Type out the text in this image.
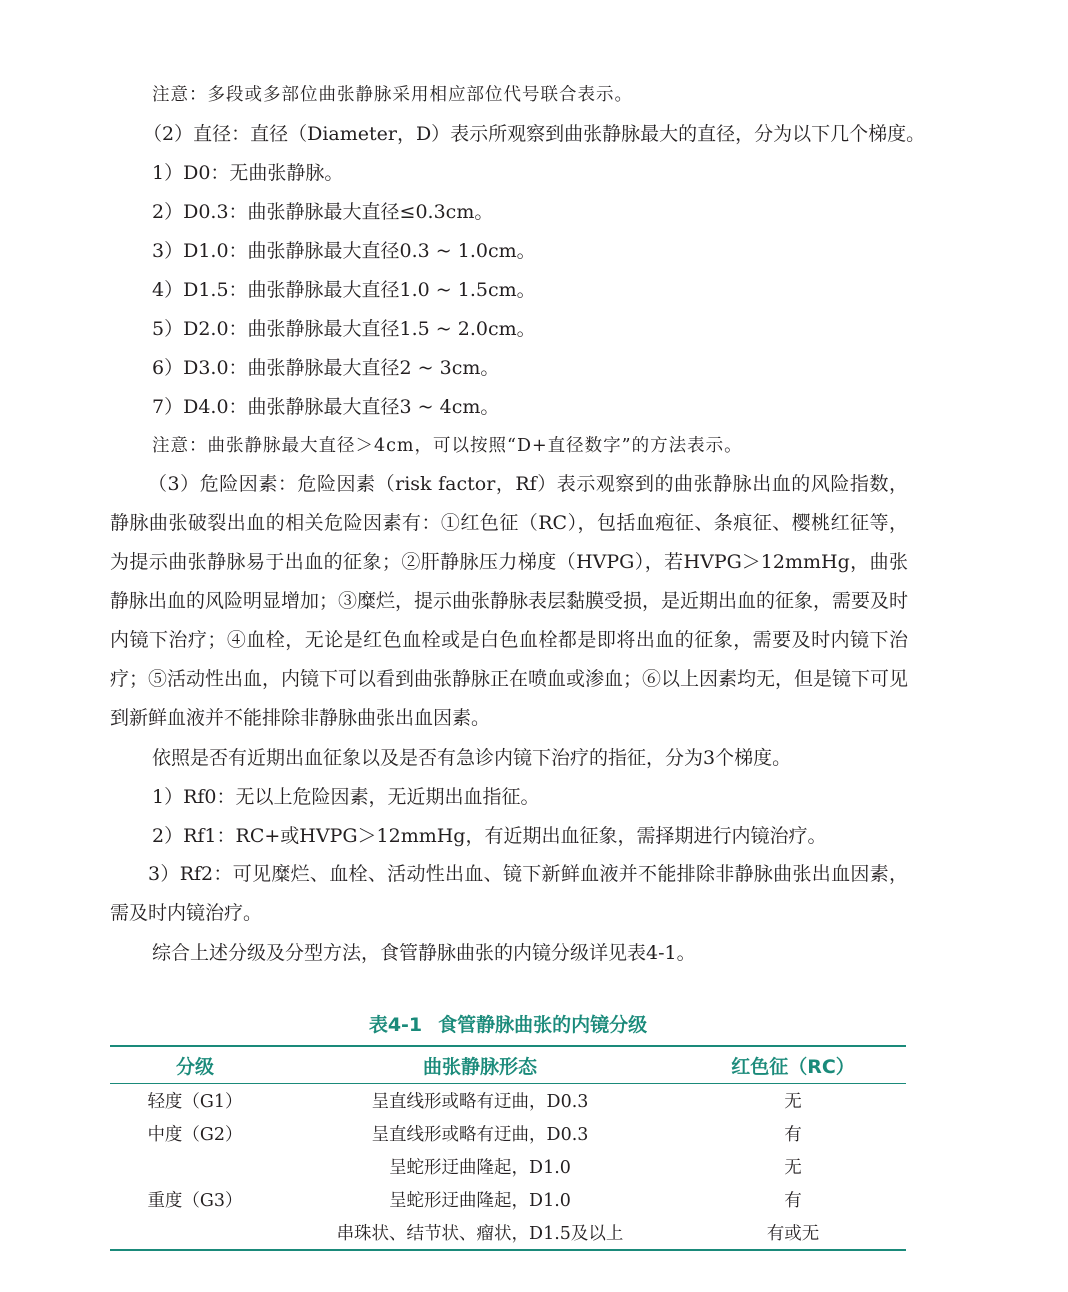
注意：多段或多部位曲张静脉采用相应部位代号联合表示。
（2）直径：直径（Diameter，D）表示所观察到曲张静脉最大的直径，分为以下几个梯度。
1）D0：无曲张静脉。
2）D0.3：曲张静脉最大直径≤0.3cm。
3）D1.0：曲张静脉最大直径0.3 ~ 1.0cm。
4）D1.5：曲张静脉最大直径1.0 ~ 1.5cm。
5）D2.0：曲张静脉最大直径1.5 ~ 2.0cm。
6）D3.0：曲张静脉最大直径2 ~ 3cm。
7）D4.0：曲张静脉最大直径3 ~ 4cm。
注意：曲张静脉最大直径＞4cm，可以按照“D+直径数字”的方法表示。
（3）危险因素：危险因素（risk factor，Rf）表示观察到的曲张静脉出血的风险指数，静脉曲张破裂出血的相关危险因素有：①红色征（RC），包括血疱征、条痕征、樱桃红征等，为提示曲张静脉易于出血的征象；②肝静脉压力梯度（HVPG），若HVPG＞12mmHg，曲张静脉出血的风险明显增加；③糜烂，提示曲张静脉表层黏膜受损，是近期出血的征象，需要及时内镜下治疗；④血栓，无论是红色血栓或是白色血栓都是即将出血的征象，需要及时内镜下治疗；⑤活动性出血，内镜下可以看到曲张静脉正在喷血或渗血；⑥以上因素均无，但是镜下可见到新鲜血液并不能排除非静脉曲张出血因素。
依照是否有近期出血征象以及是否有急诊内镜下治疗的指征，分为3个梯度。
1）Rf0：无以上危险因素，无近期出血指征。
2）Rf1：RC+或HVPG＞12mmHg，有近期出血征象，需择期进行内镜治疗。
3）Rf2：可见糜烂、血栓、活动性出血、镜下新鲜血液并不能排除非静脉曲张出血因素，需及时内镜治疗。
综合上述分级及分型方法，食管静脉曲张的内镜分级详见表4-1。
表4-1 食管静脉曲张的内镜分级
分级	曲张静脉形态	红色征（RC）
轻度（G1）	呈直线形或略有迂曲，D0.3	无
中度（G2）	呈直线形或略有迂曲，D0.3	有
	呈蛇形迂曲隆起，D1.0	无
重度（G3）	呈蛇形迂曲隆起，D1.0	有
	串珠状、结节状、瘤状，D1.5及以上	有或无
